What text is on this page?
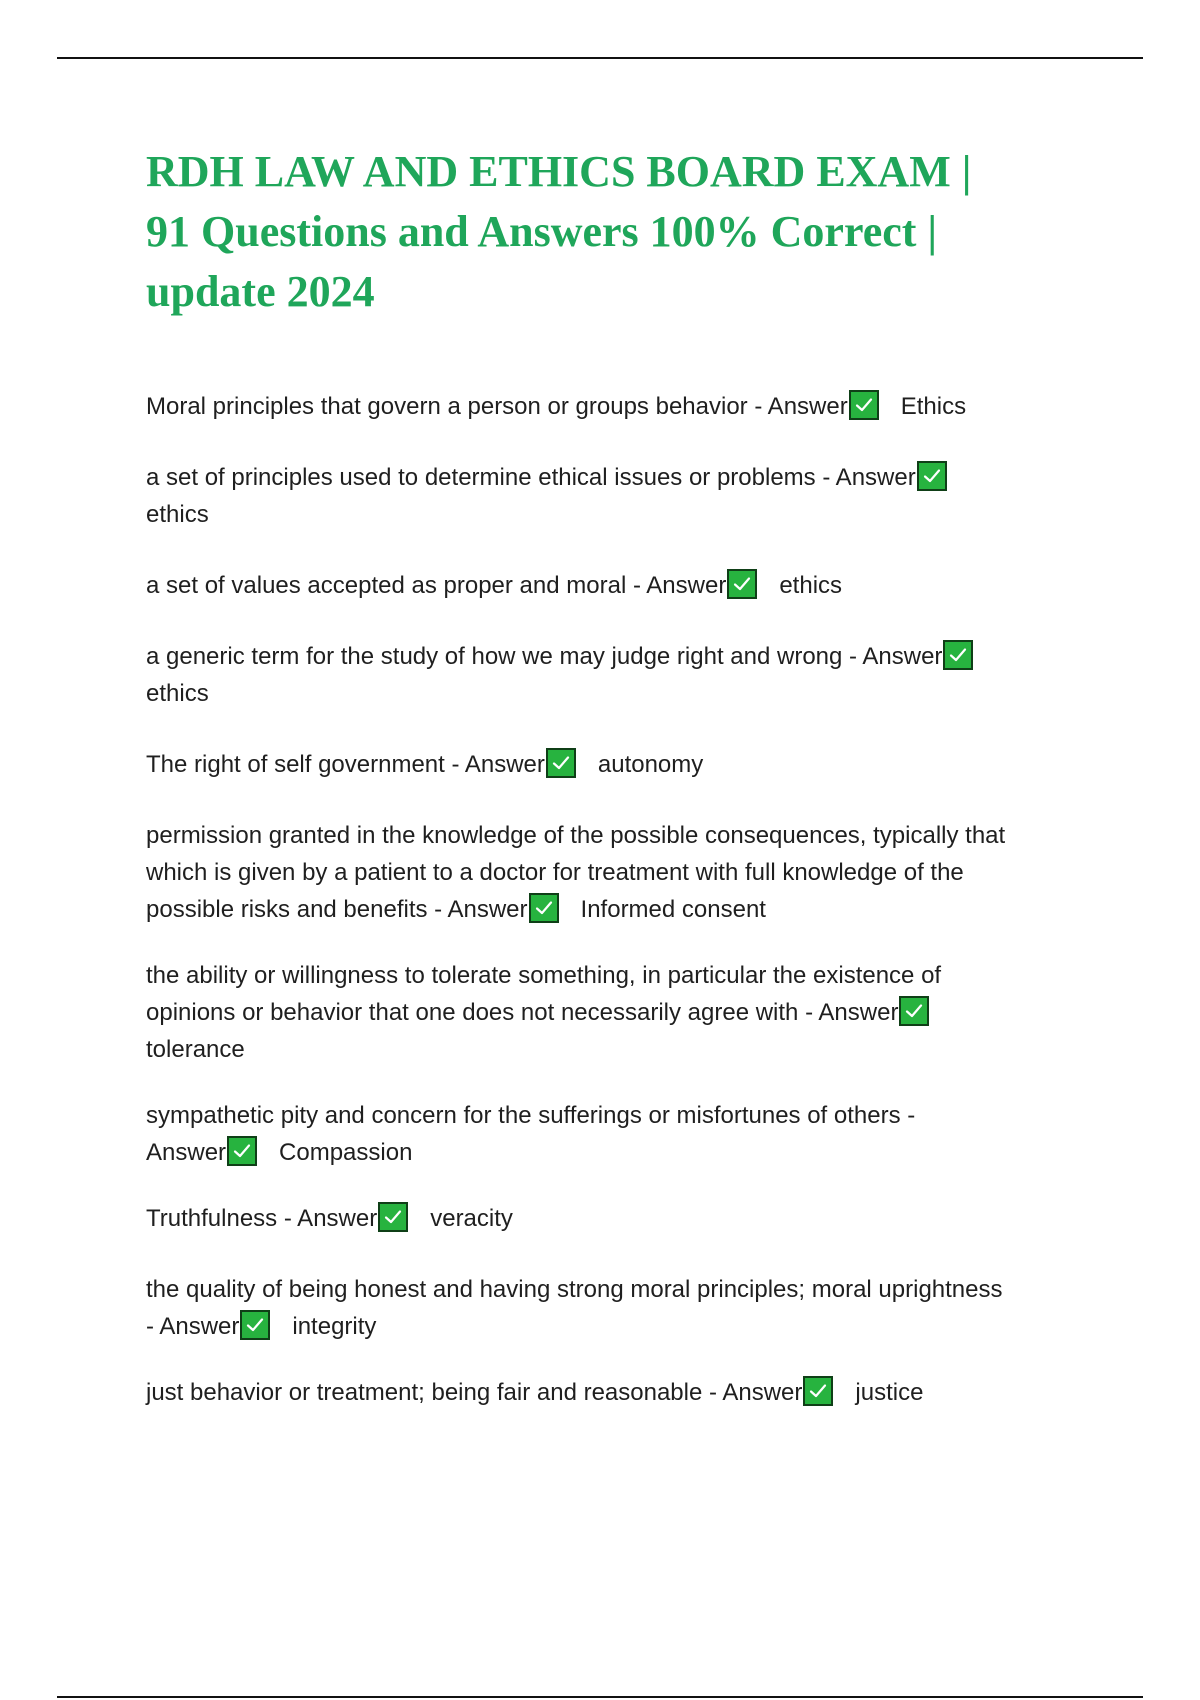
RDH LAW AND ETHICS BOARD EXAM |
91 Questions and Answers 100% Correct |
update 2024

Moral principles that govern a person or groups behavior - Answer Ethics

a set of principles used to determine ethical issues or problems - Answer
ethics

a set of values accepted as proper and moral - Answer ethics

a generic term for the study of how we may judge right and wrong - Answer
ethics

The right of self government - Answer autonomy

permission granted in the knowledge of the possible consequences, typically that
which is given by a patient to a doctor for treatment with full knowledge of the
possible risks and benefits - Answer Informed consent

the ability or willingness to tolerate something, in particular the existence of
opinions or behavior that one does not necessarily agree with - Answer
tolerance

sympathetic pity and concern for the sufferings or misfortunes of others -
Answer Compassion

Truthfulness - Answer veracity

the quality of being honest and having strong moral principles; moral uprightness
- Answer integrity

just behavior or treatment; being fair and reasonable - Answer justice
